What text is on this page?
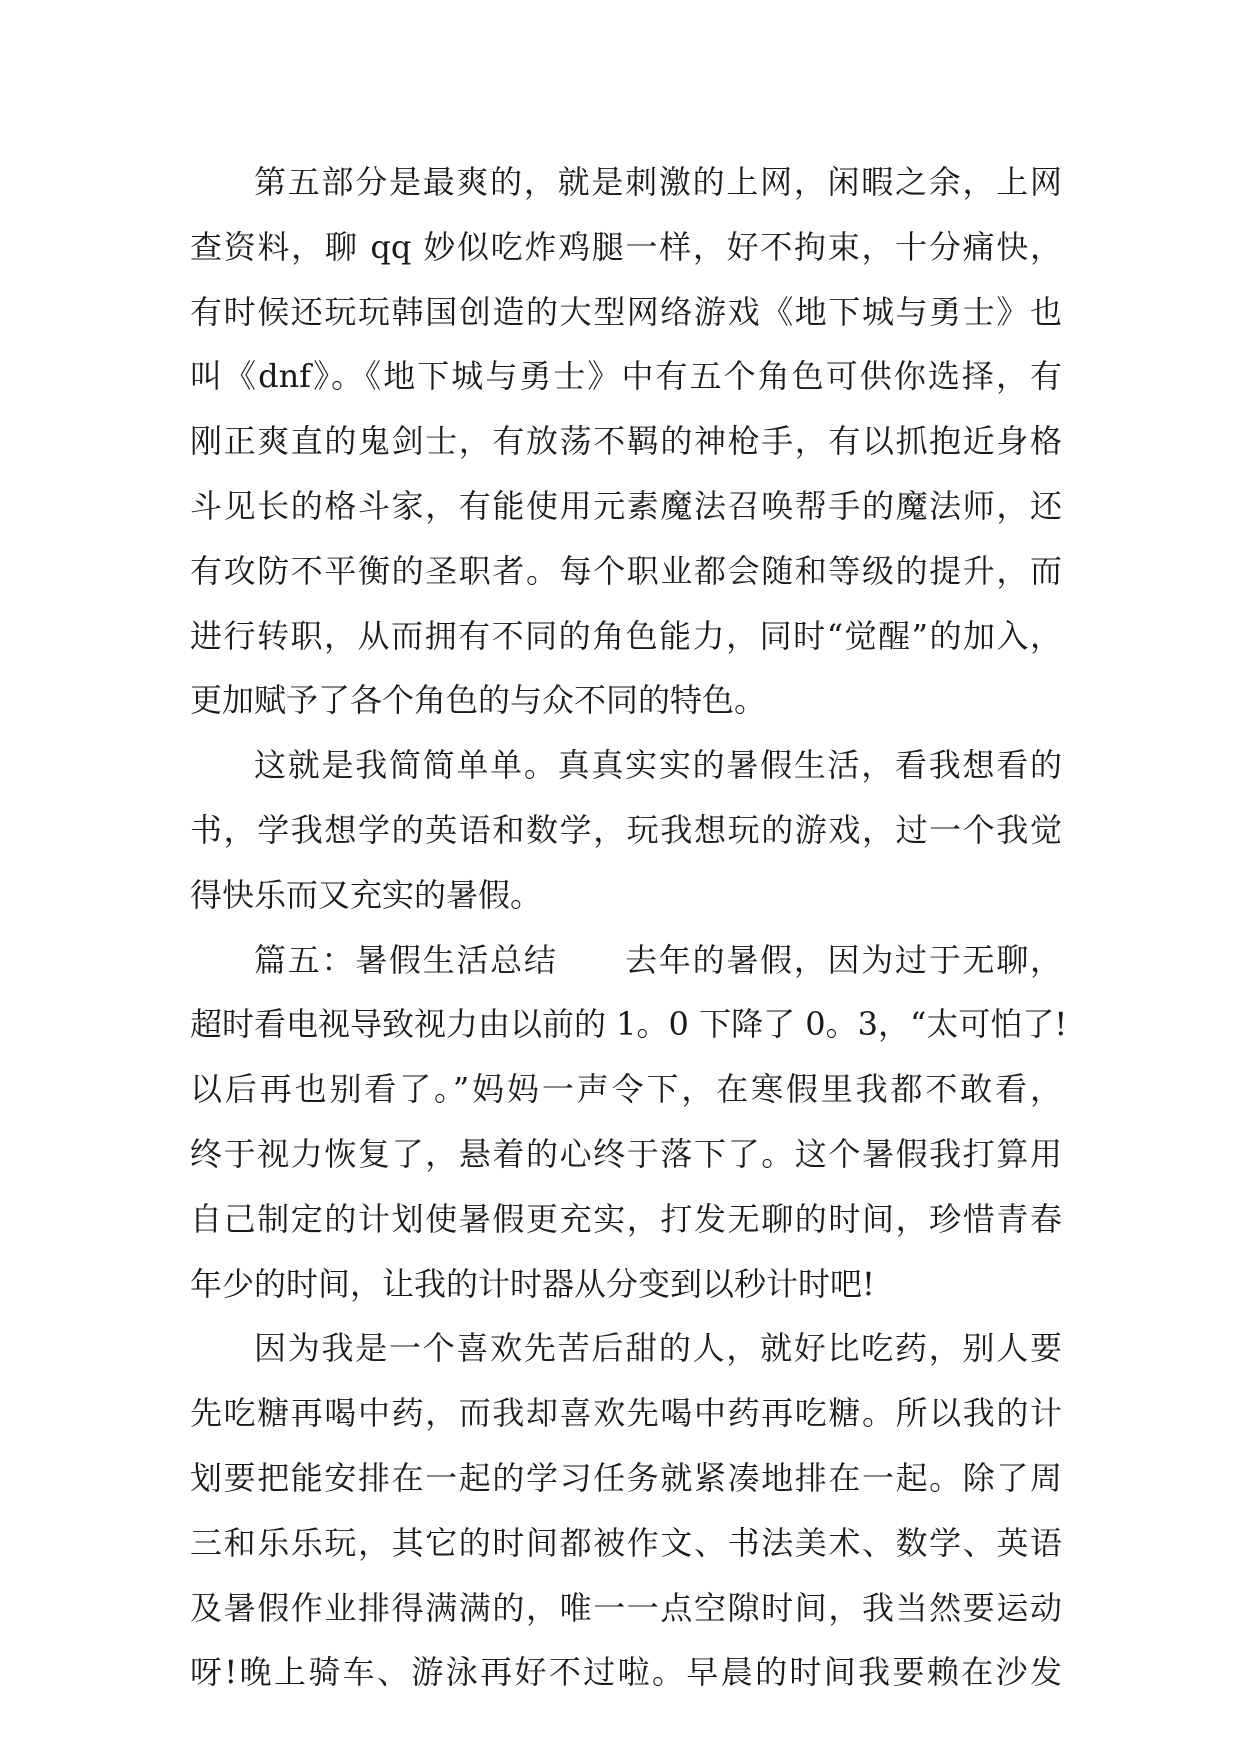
第五部分是最爽的，就是刺激的上网，闲暇之余，上网
查资料，聊 qq 妙似吃炸鸡腿一样，好不拘束，十分痛快，
有时候还玩玩韩国创造的大型网络游戏《地下城与勇士》也
叫《dnf》。《地下城与勇士》中有五个角色可供你选择，有
刚正爽直的鬼剑士，有放荡不羁的神枪手，有以抓抱近身格
斗见长的格斗家，有能使用元素魔法召唤帮手的魔法师，还
有攻防不平衡的圣职者。每个职业都会随和等级的提升，而
进行转职，从而拥有不同的角色能力，同时“觉醒”的加入，
更加赋予了各个角色的与众不同的特色。
这就是我简简单单。真真实实的暑假生活，看我想看的
书，学我想学的英语和数学，玩我想玩的游戏，过一个我觉
得快乐而又充实的暑假。
篇五：暑假生活总结　　去年的暑假，因为过于无聊，
超时看电视导致视力由以前的 1。0 下降了 0。3，“太可怕了!
以后再也别看了。”妈妈一声令下，在寒假里我都不敢看，
终于视力恢复了，悬着的心终于落下了。这个暑假我打算用
自己制定的计划使暑假更充实，打发无聊的时间，珍惜青春
年少的时间，让我的计时器从分变到以秒计时吧!
因为我是一个喜欢先苦后甜的人，就好比吃药，别人要
先吃糖再喝中药，而我却喜欢先喝中药再吃糖。所以我的计
划要把能安排在一起的学习任务就紧凑地排在一起。除了周
三和乐乐玩，其它的时间都被作文、书法美术、数学、英语
及暑假作业排得满满的，唯一一点空隙时间，我当然要运动
呀!晚上骑车、游泳再好不过啦。早晨的时间我要赖在沙发
